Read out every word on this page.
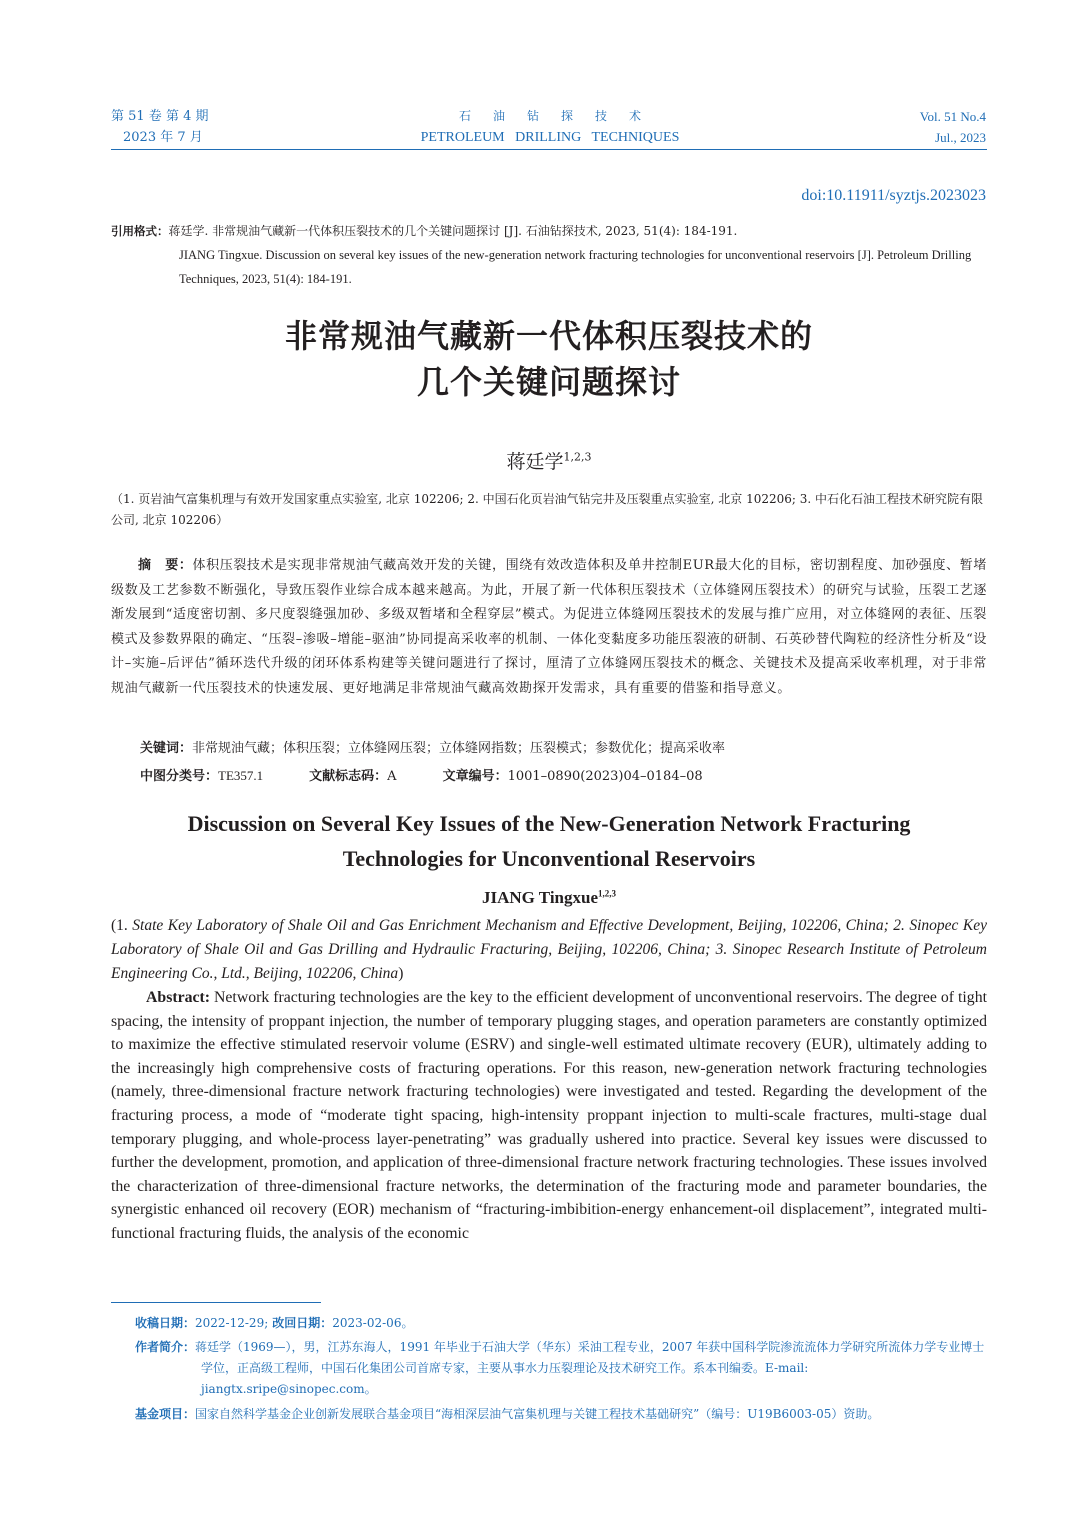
第 51 卷 第 4 期
2023 年 7 月
石油钻探技术
PETROLEUM   DRILLING   TECHNIQUES
Vol. 51 No.4
Jul., 2023
doi:10.11911/syztjs.2023023
引用格式：蒋廷学. 非常规油气藏新一代体积压裂技术的几个关键问题探讨 [J]. 石油钻探技术, 2023, 51(4): 184-191.
JIANG Tingxue. Discussion on several key issues of the new-generation network fracturing technologies for unconventional reservoirs [J]. Petroleum Drilling Techniques, 2023, 51(4): 184-191.
非常规油气藏新一代体积压裂技术的
几个关键问题探讨
蒋廷学$^{1,2,3}$
（1. 页岩油气富集机理与有效开发国家重点实验室, 北京 102206; 2. 中国石化页岩油气钻完井及压裂重点实验室, 北京 102206; 3. 中石化石油工程技术研究院有限公司, 北京 102206）

摘　要：体积压裂技术是实现非常规油气藏高效开发的关键，围绕有效改造体积及单井控制EUR最大化的目标，密切割程度、加砂强度、暂堵级数及工艺参数不断强化，导致压裂作业综合成本越来越高。为此，开展了新一代体积压裂技术（立体缝网压裂技术）的研究与试验，压裂工艺逐渐发展到“适度密切割、多尺度裂缝强加砂、多级双暂堵和全程穿层”模式。为促进立体缝网压裂技术的发展与推广应用，对立体缝网的表征、压裂模式及参数界限的确定、“压裂–渗吸–增能–驱油”协同提高采收率的机制、一体化变黏度多功能压裂液的研制、石英砂替代陶粒的经济性分析及“设计–实施–后评估”循环迭代升级的闭环体系构建等关键问题进行了探讨，厘清了立体缝网压裂技术的概念、关键技术及提高采收率机理，对于非常规油气藏新一代压裂技术的快速发展、更好地满足非常规油气藏高效勘探开发需求，具有重要的借鉴和指导意义。

关键词：非常规油气藏；体积压裂；立体缝网压裂；立体缝网指数；压裂模式；参数优化；提高采收率
中图分类号：TE357.1	文献标志码：A	文章编号：1001–0890(2023)04–0184–08
Discussion on Several Key Issues of the New-Generation Network Fracturing
Technologies for Unconventional Reservoirs
JIANG Tingxue$^{1,2,3}$

(1. State Key Laboratory of Shale Oil and Gas Enrichment Mechanism and Effective Development, Beijing, 102206, China; 2. Sinopec Key Laboratory of Shale Oil and Gas Drilling and Hydraulic Fracturing, Beijing, 102206, China; 3. Sinopec Research Institute of Petroleum Engineering Co., Ltd., Beijing, 102206, China)

Abstract: Network fracturing technologies are the key to the efficient development of unconventional reservoirs. The degree of tight spacing, the intensity of proppant injection, the number of temporary plugging stages, and operation parameters are constantly optimized to maximize the effective stimulated reservoir volume (ESRV) and single-well estimated ultimate recovery (EUR), ultimately adding to the increasingly high comprehensive costs of fracturing operations. For this reason, new-generation network fracturing technologies (namely, three-dimensional fracture network fracturing technologies) were investigated and tested. Regarding the development of the fracturing process, a mode of “moderate tight spacing, high-intensity proppant injection to multi-scale fractures, multi-stage dual temporary plugging, and whole-process layer-penetrating” was gradually ushered into practice. Several key issues were discussed to further the development, promotion, and application of three-dimensional fracture network fracturing technologies. These issues involved the characterization of three-dimensional fracture networks, the determination of the fracturing mode and parameter boundaries, the synergistic enhanced oil recovery (EOR) mechanism of “fracturing-imbibition-energy enhancement-oil displacement”, integrated multi-functional fracturing fluids, the analysis of the economic

收稿日期：2022-12-29; 改回日期：2023-02-06。
作者简介：蒋廷学（1969—），男，江苏东海人，1991 年毕业于石油大学（华东）采油工程专业，2007 年获中国科学院渗流流体力学研究所流体力学专业博士学位，正高级工程师，中国石化集团公司首席专家，主要从事水力压裂理论及技术研究工作。系本刊编委。E-mail: jiangtx.sripe@sinopec.com。
基金项目：国家自然科学基金企业创新发展联合基金项目“海相深层油气富集机理与关键工程技术基础研究”（编号：U19B6003-05）资助。
